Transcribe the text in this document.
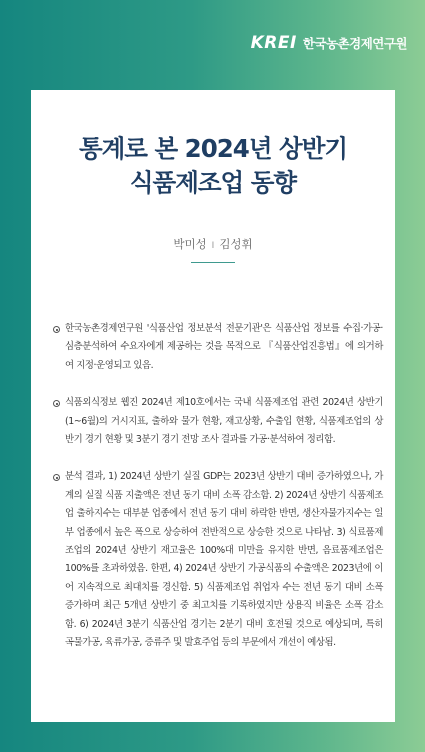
KREI 한국농촌경제연구원
통계로 본 2024년 상반기
식품제조업 동향
박미성 I 김성휘
한국농촌경제연구원 '식품산업 정보분석 전문기관'은 식품산업 정보를 수집·가공·심층분석하여 수요자에게 제공하는 것을 목적으로 『식품산업진흥법』에 의거하여 지정·운영되고 있음.
식품외식정보 웹진 2024년 제10호에서는 국내 식품제조업 관련 2024년 상반기(1~6월)의 거시지표, 출하와 물가 현황, 재고상황, 수출입 현황, 식품제조업의 상반기 경기 현황 및 3분기 경기 전망 조사 결과를 가공·분석하여 정리함.
분석 결과, 1) 2024년 상반기 실질 GDP는 2023년 상반기 대비 증가하였으나, 가계의 실질 식품 지출액은 전년 동기 대비 소폭 감소함. 2) 2024년 상반기 식품제조업 출하지수는 대부분 업종에서 전년 동기 대비 하락한 반면, 생산자물가지수는 일부 업종에서 높은 폭으로 상승하여 전반적으로 상승한 것으로 나타남. 3) 식료품제조업의 2024년 상반기 재고율은 100%대 미만을 유지한 반면, 음료품제조업은 100%를 초과하였음. 한편, 4) 2024년 상반기 가공식품의 수출액은 2023년에 이어 지속적으로 최대치를 경신함. 5) 식품제조업 취업자 수는 전년 동기 대비 소폭 증가하며 최근 5개년 상반기 중 최고치를 기록하였지만 상용직 비율은 소폭 감소함. 6) 2024년 3분기 식품산업 경기는 2분기 대비 호전될 것으로 예상되며, 특히 곡물가공, 육류가공, 증류주 및 발효주업 등의 부문에서 개선이 예상됨.
